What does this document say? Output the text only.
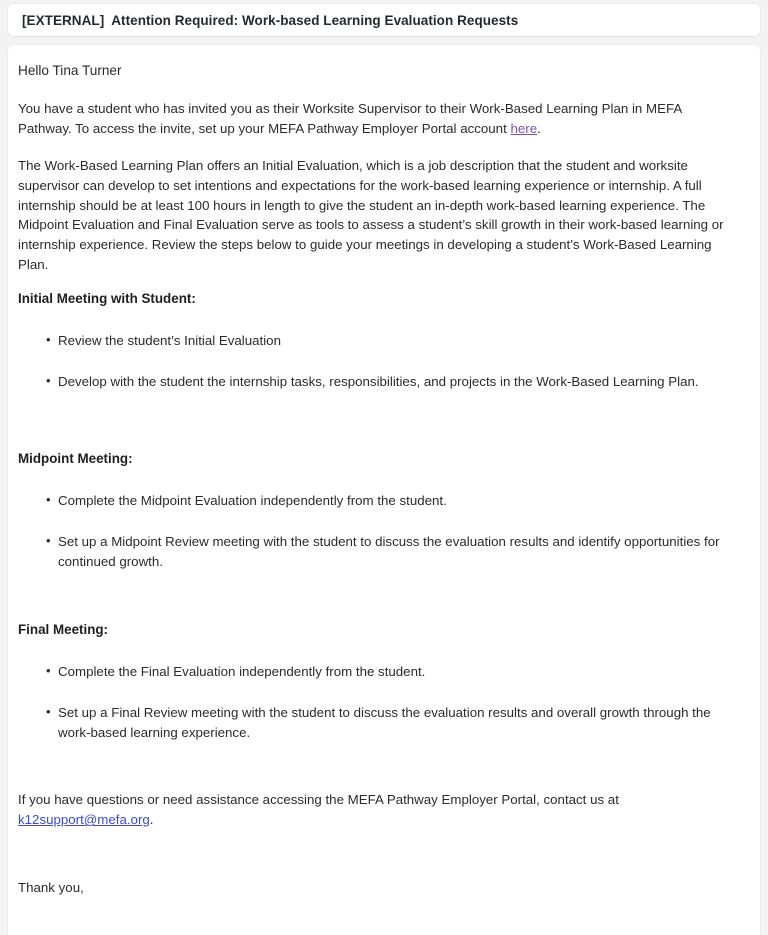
[EXTERNAL] Attention Required: Work-based Learning Evaluation Requests

Hello Tina Turner

You have a student who has invited you as their Worksite Supervisor to their Work-Based Learning Plan in MEFA Pathway. To access the invite, set up your MEFA Pathway Employer Portal account here.

The Work-Based Learning Plan offers an Initial Evaluation, which is a job description that the student and worksite supervisor can develop to set intentions and expectations for the work-based learning experience or internship. A full internship should be at least 100 hours in length to give the student an in-depth work-based learning experience. The Midpoint Evaluation and Final Evaluation serve as tools to assess a student’s skill growth in their work-based learning or internship experience. Review the steps below to guide your meetings in developing a student’s Work-Based Learning Plan.

Initial Meeting with Student:

• Review the student’s Initial Evaluation
• Develop with the student the internship tasks, responsibilities, and projects in the Work-Based Learning Plan.

Midpoint Meeting:

• Complete the Midpoint Evaluation independently from the student.
• Set up a Midpoint Review meeting with the student to discuss the evaluation results and identify opportunities for continued growth.

Final Meeting:

• Complete the Final Evaluation independently from the student.
• Set up a Final Review meeting with the student to discuss the evaluation results and overall growth through the work-based learning experience.

If you have questions or need assistance accessing the MEFA Pathway Employer Portal, contact us at k12support@mefa.org.

Thank you,
